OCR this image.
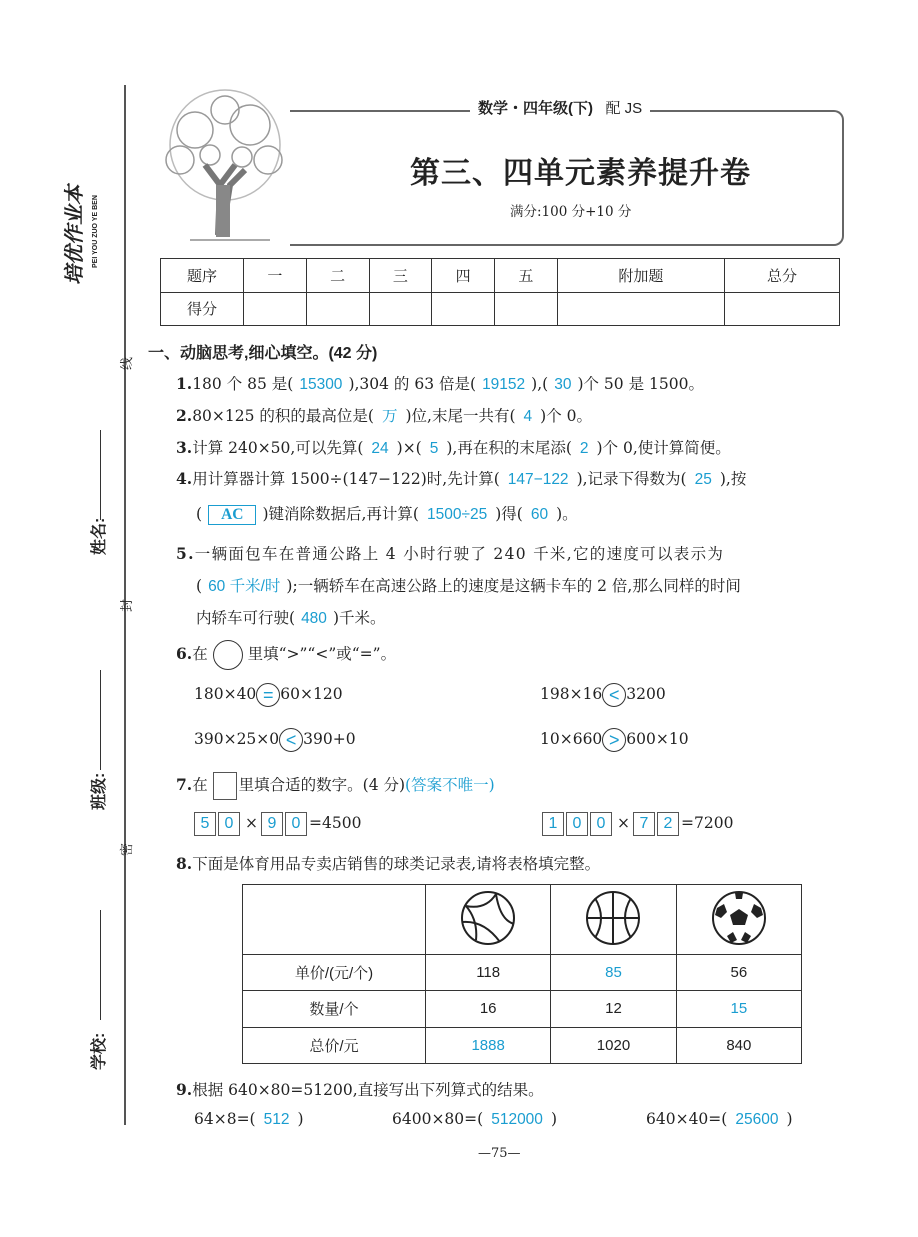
培优作业本 PEI YOU ZUO YE BEN
线
封
密
姓名:
班级:
学校:
数学・四年级(下) 配 JS
第三、四单元素养提升卷
满分:100 分+10 分
题序	一	二	三	四	五	附加题	总分
得分							
一、动脑思考,细心填空。(42 分)
1.180 个 85 是( 15300 ),304 的 63 倍是( 19152 ),( 30 )个 50 是 1500。
2.80×125 的积的最高位是( 万 )位,末尾一共有( 4 )个 0。
3.计算 240×50,可以先算( 24 )×( 5 ),再在积的末尾添( 2 )个 0,使计算简便。
4.用计算器计算 1500÷(147−122)时,先计算( 147−122 ),记录下得数为( 25 ),按
( AC )键消除数据后,再计算( 1500÷25 )得( 60 )。
5.一辆面包车在普通公路上 4 小时行驶了 240 千米,它的速度可以表示为
( 60 千米/时 );一辆轿车在高速公路上的速度是这辆卡车的 2 倍,那么同样的时间
内轿车可行驶( 480 )千米。
6.在	里填“>”“<”或“=”。
180×40 = 60×120	198×16 < 3200
390×25×0 < 390+0	10×660 > 600×10
7.在 里填合适的数字。(4 分)(答案不唯一)
5 0 × 9 0 =4500	1 0 0 × 7 2 =7200
8.下面是体育用品专卖店销售的球类记录表,请将表格填完整。

单价/(元/个)	118	85	56
数量/个	16	12	15
总价/元	1888	1020	840
9.根据 640×80=51200,直接写出下列算式的结果。
64×8=( 512 )	6400×80=( 512000 )	640×40=( 25600 )
—75—
